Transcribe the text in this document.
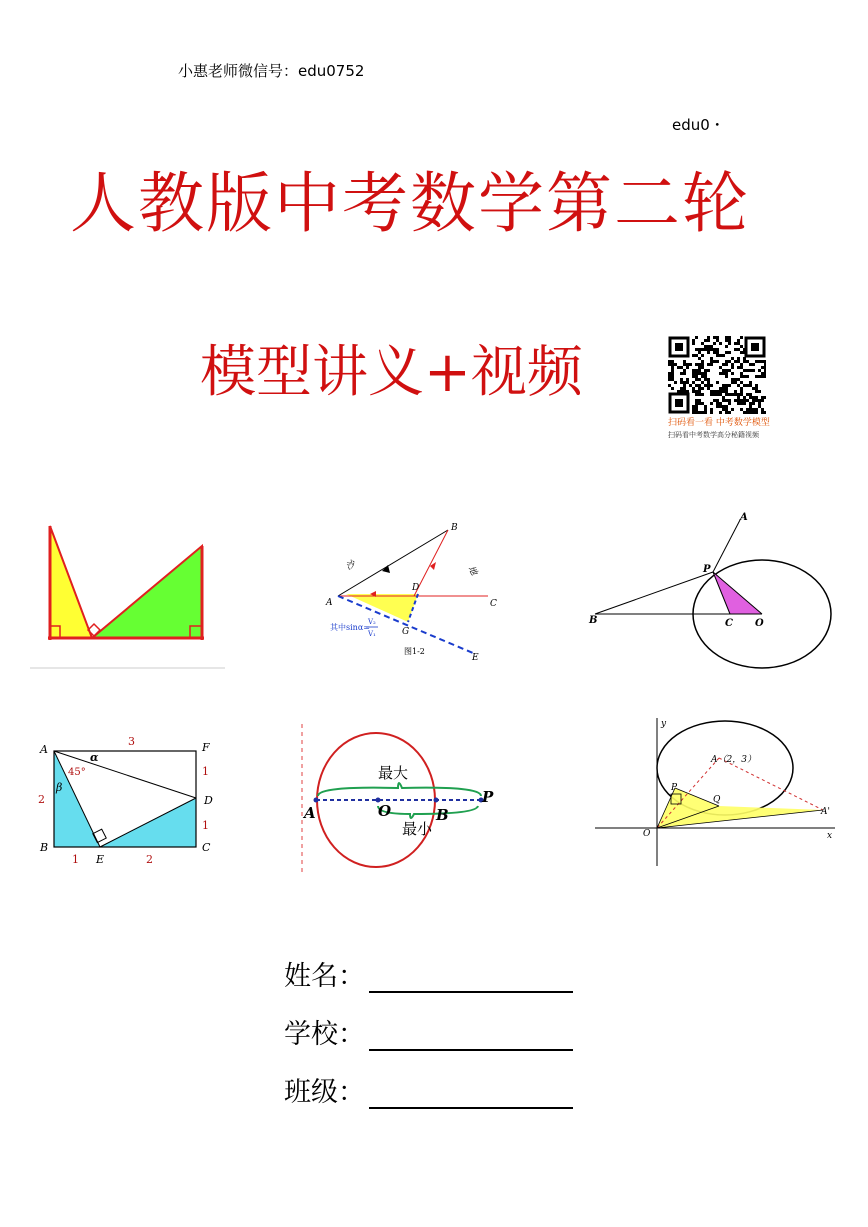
小惠老师微信号：edu0752
edu0・
人教版中考数学第二轮
模型讲义+视频
扫码看一看 中考数学模型
扫码看中考数学高分秘籍视频
A
B
C
D
E
G
沙	地
其中sinα=
V₂
V₁
图1-2
A
B	C O
P
A
B	C
D
E
F
α
β
45°
3
2
1
1
1	2
A	O	B
P
最大
最小
y
x
O
A（2，3）
A'
P
Q
姓名：
学校：
班级：
